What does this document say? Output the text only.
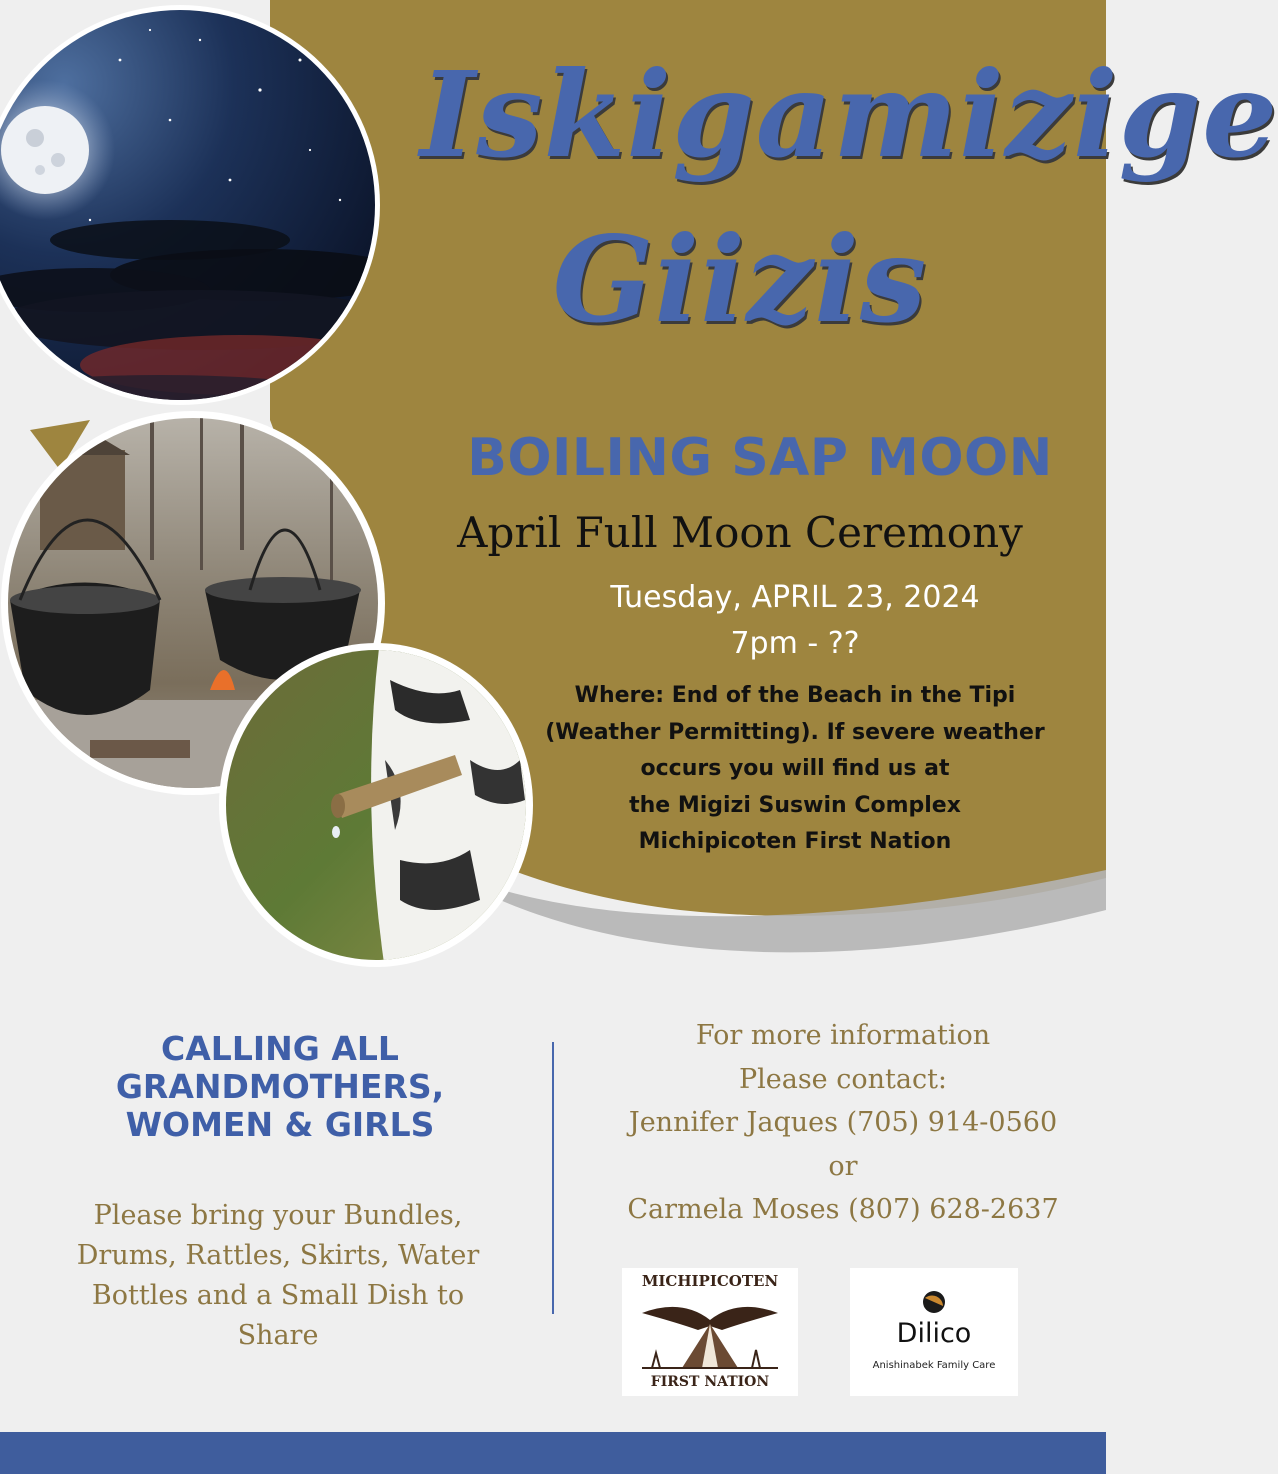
Iskigamizige
Giizis
BOILING SAP MOON
April Full Moon Ceremony
Tuesday, APRIL 23, 2024
7pm - ??
Where: End of the Beach in the Tipi
(Weather Permitting). If severe weather
occurs you will find us at
the Migizi Suswin Complex
Michipicoten First Nation
CALLING ALL
GRANDMOTHERS,
WOMEN & GIRLS
Please bring your Bundles,
Drums, Rattles, Skirts, Water
Bottles and a Small Dish to
Share
For more information
Please contact:
Jennifer Jaques (705) 914-0560
or
Carmela Moses (807) 628-2637
MICHIPICOTEN
FIRST NATION
Dilico
Anishinabek Family Care
